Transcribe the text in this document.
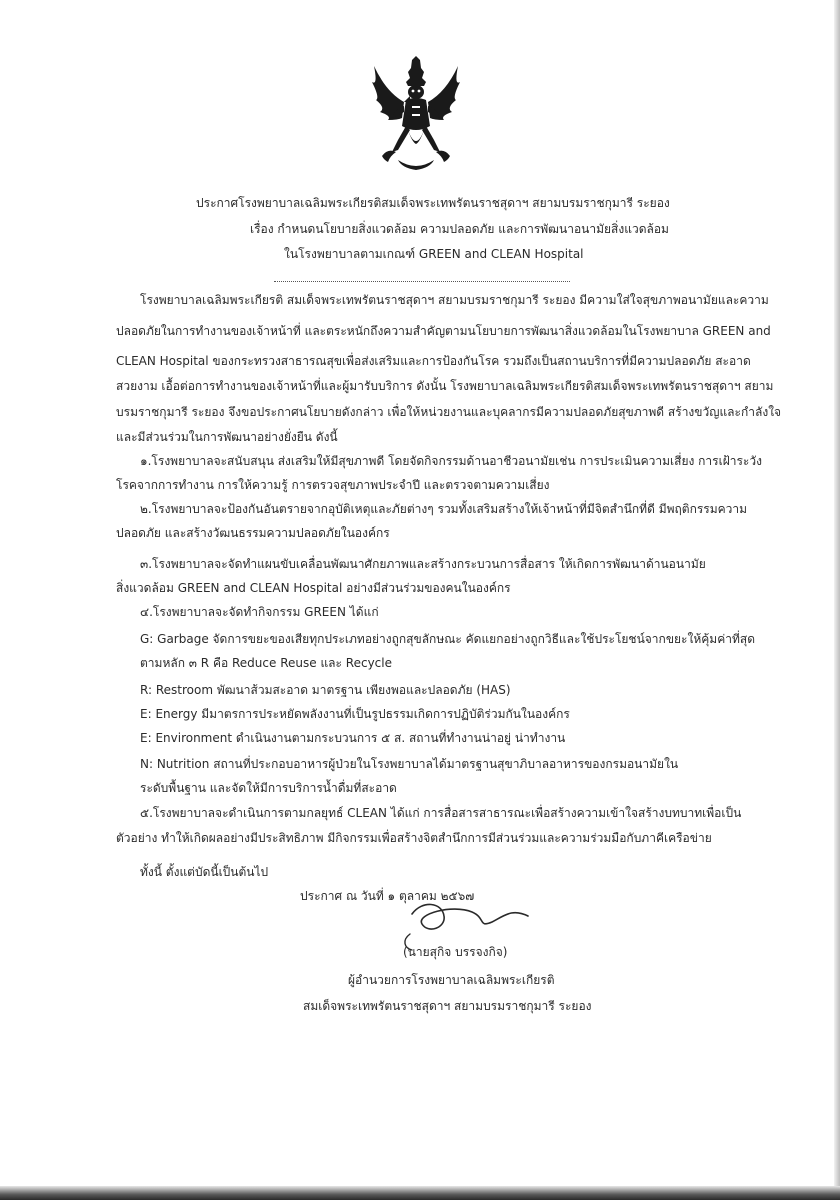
ประกาศโรงพยาบาลเฉลิมพระเกียรติสมเด็จพระเทพรัตนราชสุดาฯ สยามบรมราชกุมารี ระยอง
เรื่อง กำหนดนโยบายสิ่งแวดล้อม ความปลอดภัย และการพัฒนาอนามัยสิ่งแวดล้อม
ในโรงพยาบาลตามเกณฑ์ GREEN and CLEAN Hospital
โรงพยาบาลเฉลิมพระเกียรติ สมเด็จพระเทพรัตนราชสุดาฯ สยามบรมราชกุมารี ระยอง มีความใส่ใจสุขภาพอนามัยและความ
ปลอดภัยในการทำงานของเจ้าหน้าที่ และตระหนักถึงความสำคัญตามนโยบายการพัฒนาสิ่งแวดล้อมในโรงพยาบาล GREEN and
CLEAN Hospital ของกระทรวงสาธารณสุขเพื่อส่งเสริมและการป้องกันโรค รวมถึงเป็นสถานบริการที่มีความปลอดภัย สะอาด
สวยงาม เอื้อต่อการทำงานของเจ้าหน้าที่และผู้มารับบริการ ดังนั้น โรงพยาบาลเฉลิมพระเกียรติสมเด็จพระเทพรัตนราชสุดาฯ สยาม
บรมราชกุมารี ระยอง จึงขอประกาศนโยบายดังกล่าว เพื่อให้หน่วยงานและบุคลากรมีความปลอดภัยสุขภาพดี สร้างขวัญและกำลังใจ
และมีส่วนร่วมในการพัฒนาอย่างยั่งยืน ดังนี้
๑.โรงพยาบาลจะสนับสนุน ส่งเสริมให้มีสุขภาพดี โดยจัดกิจกรรมด้านอาชีวอนามัยเช่น การประเมินความเสี่ยง การเฝ้าระวัง
โรคจากการทำงาน การให้ความรู้ การตรวจสุขภาพประจำปี และตรวจตามความเสี่ยง
๒.โรงพยาบาลจะป้องกันอันตรายจากอุบัติเหตุและภัยต่างๆ รวมทั้งเสริมสร้างให้เจ้าหน้าที่มีจิตสำนึกที่ดี มีพฤติกรรมความ
ปลอดภัย และสร้างวัฒนธรรมความปลอดภัยในองค์กร
๓.โรงพยาบาลจะจัดทำแผนขับเคลื่อนพัฒนาศักยภาพและสร้างกระบวนการสื่อสาร ให้เกิดการพัฒนาด้านอนามัย
สิ่งแวดล้อม GREEN and CLEAN Hospital อย่างมีส่วนร่วมของคนในองค์กร
๔.โรงพยาบาลจะจัดทำกิจกรรม GREEN ได้แก่
G: Garbage จัดการขยะของเสียทุกประเภทอย่างถูกสุขลักษณะ คัดแยกอย่างถูกวิธีและใช้ประโยชน์จากขยะให้คุ้มค่าที่สุด
ตามหลัก ๓ R คือ Reduce Reuse และ Recycle
R: Restroom พัฒนาส้วมสะอาด มาตรฐาน เพียงพอและปลอดภัย (HAS)
E: Energy มีมาตรการประหยัดพลังงานที่เป็นรูปธรรมเกิดการปฏิบัติร่วมกันในองค์กร
E: Environment ดำเนินงานตามกระบวนการ ๕ ส. สถานที่ทำงานน่าอยู่ น่าทำงาน
N: Nutrition สถานที่ประกอบอาหารผู้ป่วยในโรงพยาบาลได้มาตรฐานสุขาภิบาลอาหารของกรมอนามัยใน
ระดับพื้นฐาน และจัดให้มีการบริการน้ำดื่มที่สะอาด
๕.โรงพยาบาลจะดำเนินการตามกลยุทธ์ CLEAN ได้แก่ การสื่อสารสาธารณะเพื่อสร้างความเข้าใจสร้างบทบาทเพื่อเป็น
ตัวอย่าง ทำให้เกิดผลอย่างมีประสิทธิภาพ มีกิจกรรมเพื่อสร้างจิตสำนึกการมีส่วนร่วมและความร่วมมือกับภาคีเครือข่าย
ทั้งนี้ ตั้งแต่บัดนี้เป็นต้นไป
ประกาศ ณ วันที่ ๑ ตุลาคม ๒๕๖๗
(นายสุกิจ บรรจงกิจ)
ผู้อำนวยการโรงพยาบาลเฉลิมพระเกียรติ
สมเด็จพระเทพรัตนราชสุดาฯ สยามบรมราชกุมารี ระยอง
